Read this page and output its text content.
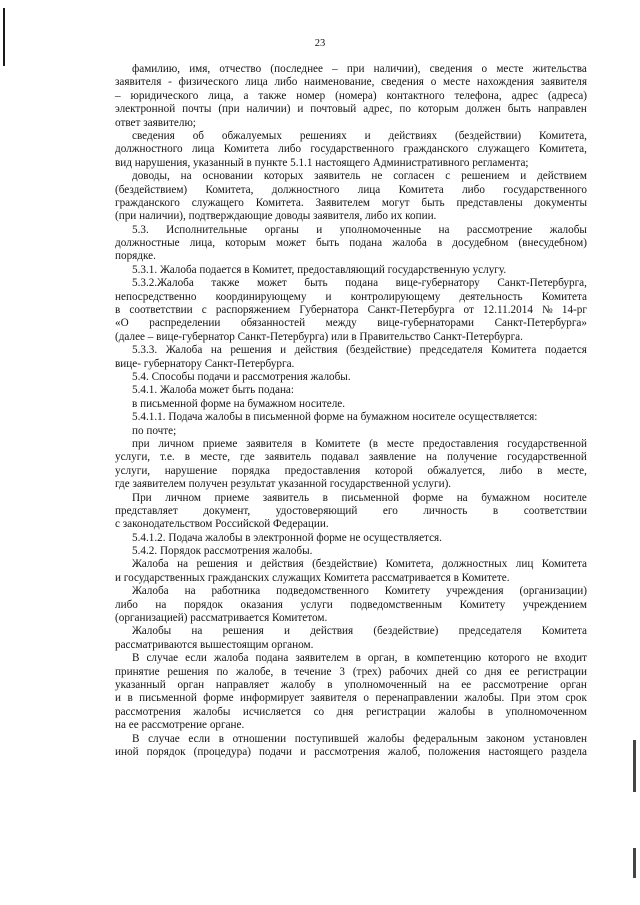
23
фамилию, имя, отчество (последнее – при наличии), сведения о месте жительства
заявителя - физического лица либо наименование, сведения о месте нахождения заявителя
– юридического лица, а также номер (номера) контактного телефона, адрес (адреса)
электронной почты (при наличии) и почтовый адрес, по которым должен быть направлен
ответ заявителю;
сведения об обжалуемых решениях и действиях (бездействии) Комитета,
должностного лица Комитета либо государственного гражданского служащего Комитета,
вид нарушения, указанный в пункте 5.1.1 настоящего Административного регламента;
доводы, на основании которых заявитель не согласен с решением и действием
(бездействием) Комитета, должностного лица Комитета либо государственного
гражданского служащего Комитета. Заявителем могут быть представлены документы
(при наличии), подтверждающие доводы заявителя, либо их копии.
5.3. Исполнительные органы и уполномоченные на рассмотрение жалобы
должностные лица, которым может быть подана жалоба в досудебном (внесудебном)
порядке.
5.3.1. Жалоба подается в Комитет, предоставляющий государственную услугу.
5.3.2.Жалоба также может быть подана вице-губернатору Санкт-Петербурга,
непосредственно координирующему и контролирующему деятельность Комитета
в соответствии с распоряжением Губернатора Санкт-Петербурга от 12.11.2014 № 14-рг
«О распределении обязанностей между вице-губернаторами Санкт-Петербурга»
(далее – вице-губернатор Санкт-Петербурга) или в Правительство Санкт-Петербурга.
5.3.3. Жалоба на решения и действия (бездействие) председателя Комитета подается
вице- губернатору Санкт-Петербурга.
5.4. Способы подачи и рассмотрения жалобы.
5.4.1. Жалоба может быть подана:
в письменной форме на бумажном носителе.
5.4.1.1. Подача жалобы в письменной форме на бумажном носителе осуществляется:
по почте;
при личном приеме заявителя в Комитете (в месте предоставления государственной
услуги, т.е. в месте, где заявитель подавал заявление на получение государственной
услуги, нарушение порядка предоставления которой обжалуется, либо в месте,
где заявителем получен результат указанной государственной услуги).
При личном приеме заявитель в письменной форме на бумажном носителе
представляет документ, удостоверяющий его личность в соответствии
с законодательством Российской Федерации.
5.4.1.2. Подача жалобы в электронной форме не осуществляется.
5.4.2. Порядок рассмотрения жалобы.
Жалоба на решения и действия (бездействие) Комитета, должностных лиц Комитета
и государственных гражданских служащих Комитета рассматривается в Комитете.
Жалоба на работника подведомственного Комитету учреждения (организации)
либо на порядок оказания услуги подведомственным Комитету учреждением
(организацией) рассматривается Комитетом.
Жалобы на решения и действия (бездействие) председателя Комитета
рассматриваются вышестоящим органом.
В случае если жалоба подана заявителем в орган, в компетенцию которого не входит
принятие решения по жалобе, в течение 3 (трех) рабочих дней со дня ее регистрации
указанный орган направляет жалобу в уполномоченный на ее рассмотрение орган
и в письменной форме информирует заявителя о перенаправлении жалобы. При этом срок
рассмотрения жалобы исчисляется со дня регистрации жалобы в уполномоченном
на ее рассмотрение органе.
В случае если в отношении поступившей жалобы федеральным законом установлен
иной порядок (процедура) подачи и рассмотрения жалоб, положения настоящего раздела
